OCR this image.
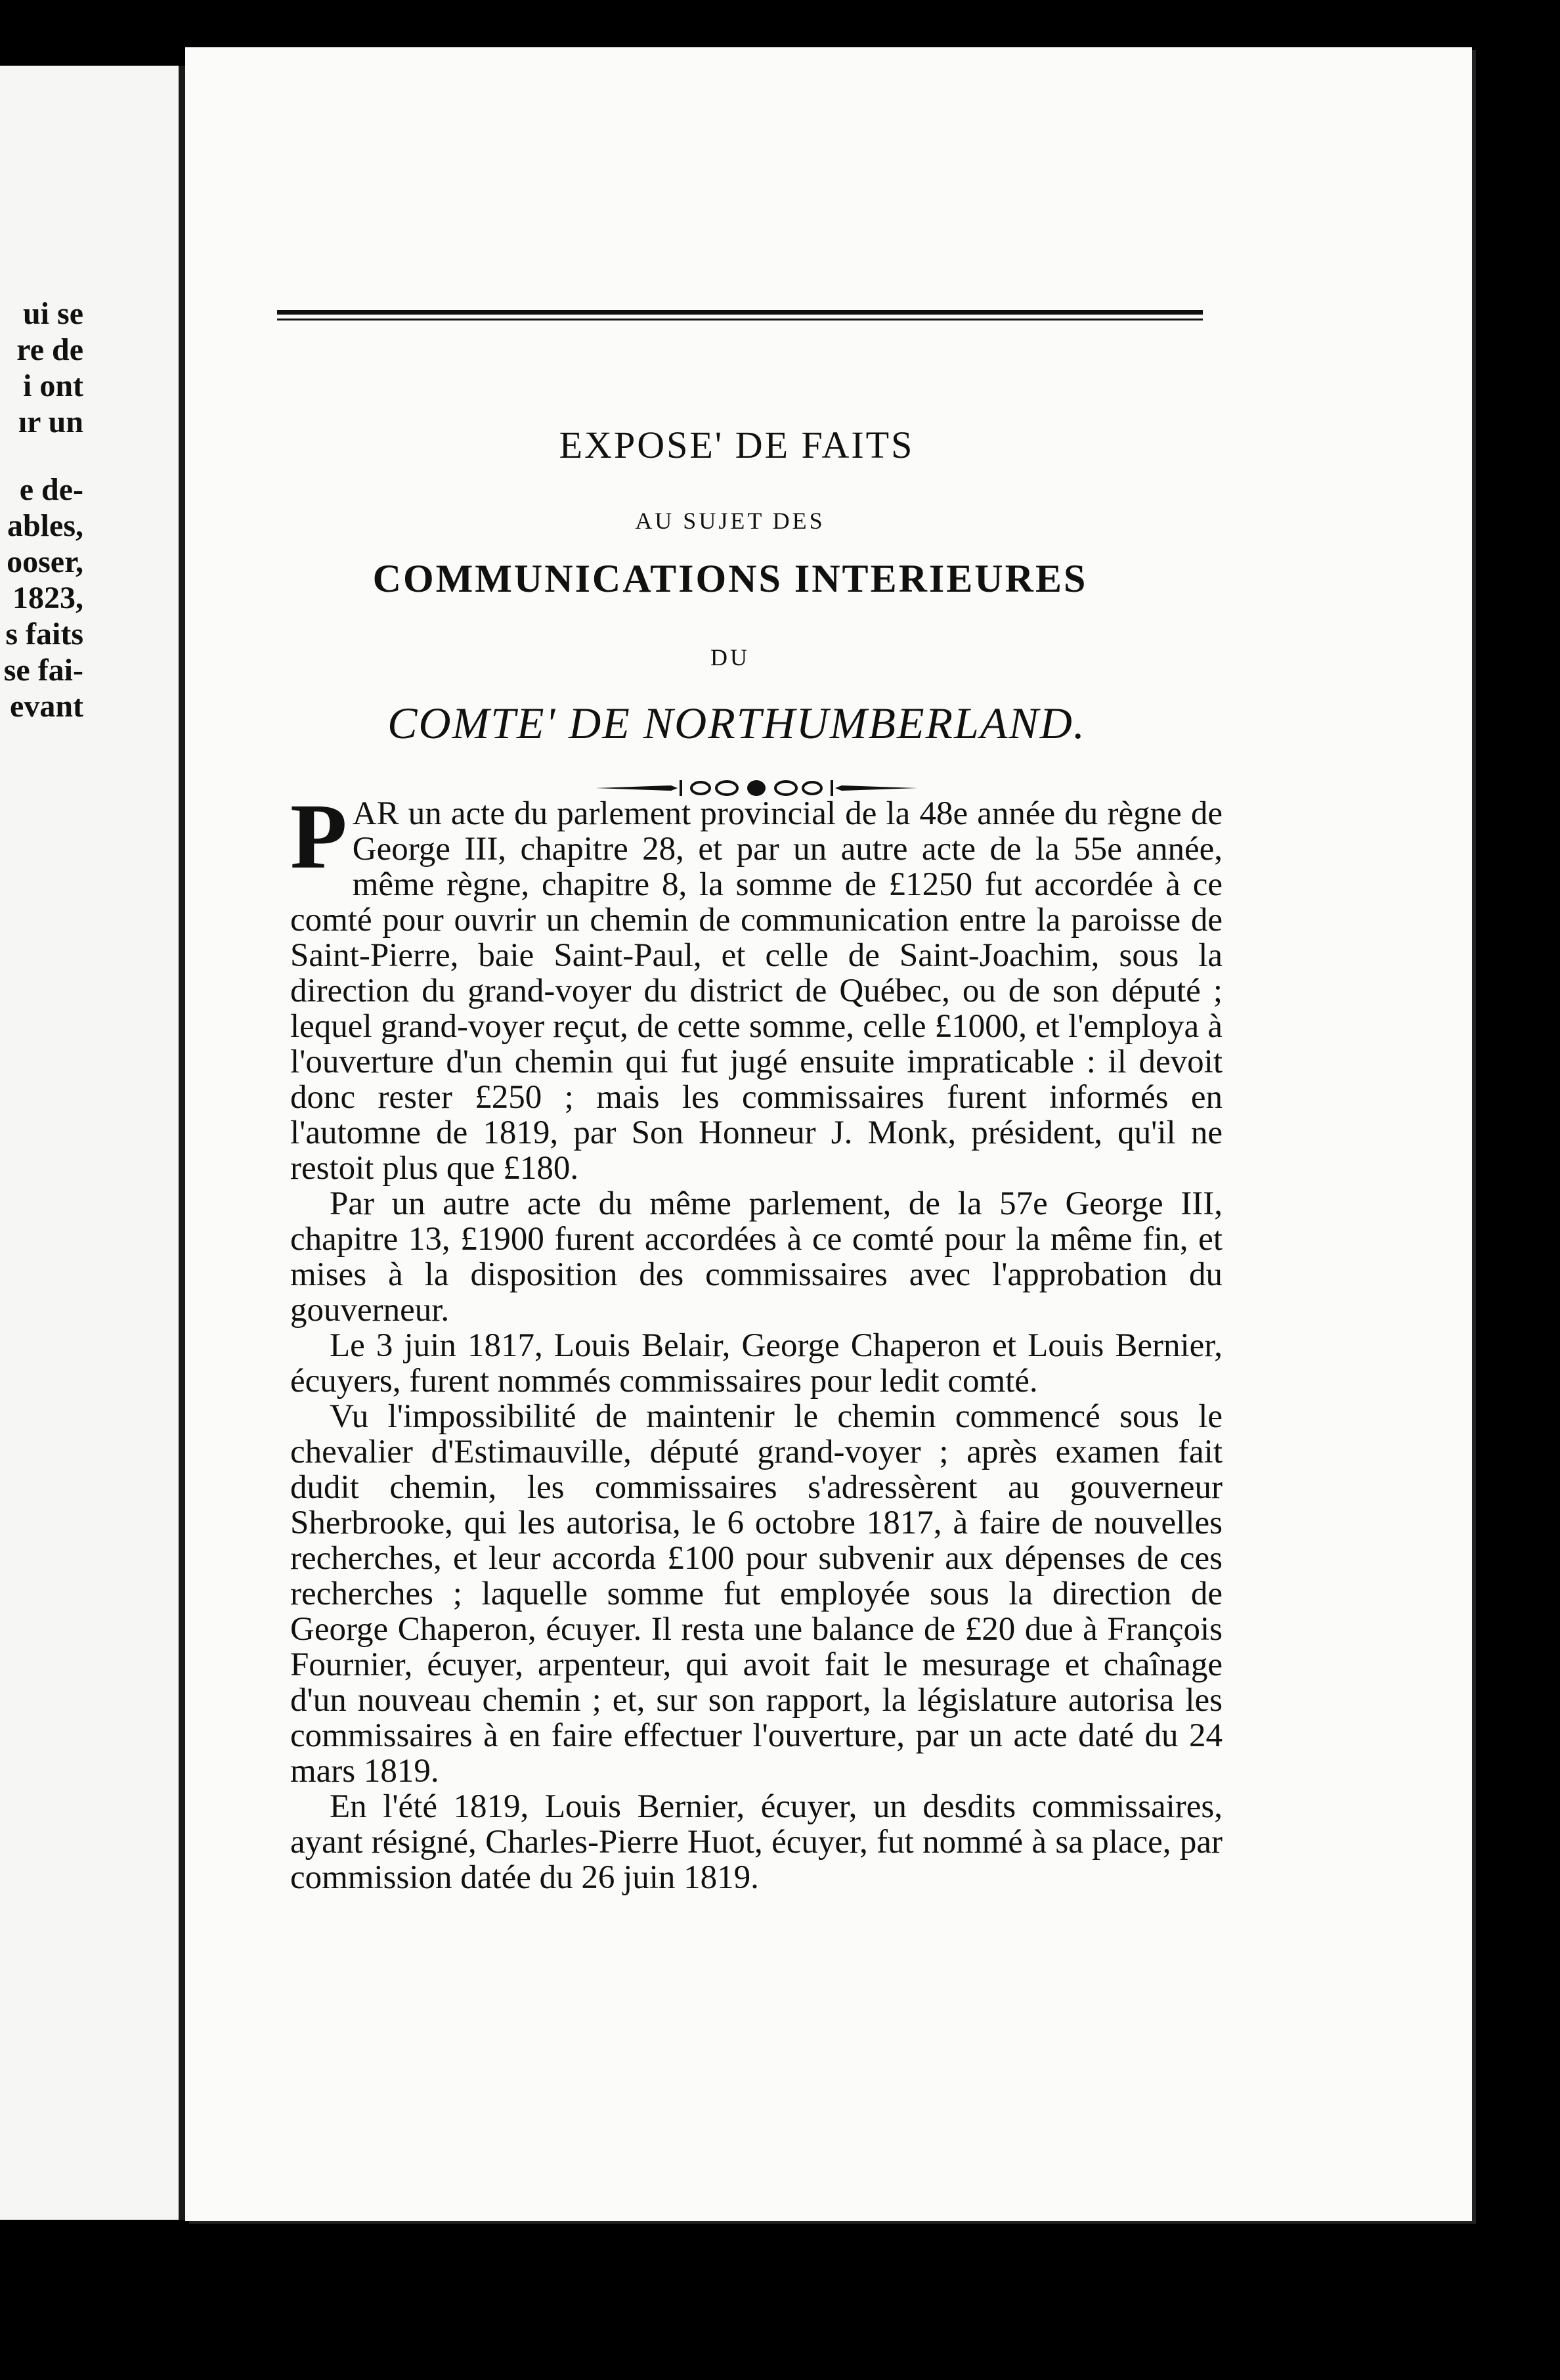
ui se
re de
i ont
ır un
e de-
ables,
ooser,
1823,
s faits
se fai-
evant
EXPOSE' DE FAITS
AU SUJET DES
COMMUNICATIONS INTERIEURES
DU
COMTE' DE NORTHUMBERLAND.

PAR un acte du parlement provincial de la 48e année du règne de George III, chapitre 28, et par un autre acte de la 55e année, même règne, chapitre 8, la somme de £1250 fut accordée à ce comté pour ouvrir un chemin de communication entre la paroisse de Saint-Pierre, baie Saint-Paul, et celle de Saint-Joachim, sous la direction du grand-voyer du district de Québec, ou de son député ; lequel grand-voyer reçut, de cette somme, celle £1000, et l'employa à l'ouverture d'un chemin qui fut jugé ensuite impraticable : il devoit donc rester £250 ; mais les commissaires furent informés en l'automne de 1819, par Son Honneur J. Monk, président, qu'il ne restoit plus que £180.

Par un autre acte du même parlement, de la 57e George III, chapitre 13, £1900 furent accordées à ce comté pour la même fin, et mises à la disposition des commissaires avec l'approbation du gouverneur.

Le 3 juin 1817, Louis Belair, George Chaperon et Louis Bernier, écuyers, furent nommés commissaires pour ledit comté.

Vu l'impossibilité de maintenir le chemin commencé sous le chevalier d'Estimauville, député grand-voyer ; après examen fait dudit chemin, les commissaires s'adressèrent au gouverneur Sherbrooke, qui les autorisa, le 6 octobre 1817, à faire de nouvelles recherches, et leur accorda £100 pour subvenir aux dépenses de ces recherches ; laquelle somme fut employée sous la direction de George Chaperon, écuyer. Il resta une balance de £20 due à François Fournier, écuyer, arpenteur, qui avoit fait le mesurage et chaînage d'un nouveau chemin ; et, sur son rapport, la législature autorisa les commissaires à en faire effectuer l'ouverture, par un acte daté du 24 mars 1819.

En l'été 1819, Louis Bernier, écuyer, un desdits commissaires, ayant résigné, Charles-Pierre Huot, écuyer, fut nommé à sa place, par commission datée du 26 juin 1819.
